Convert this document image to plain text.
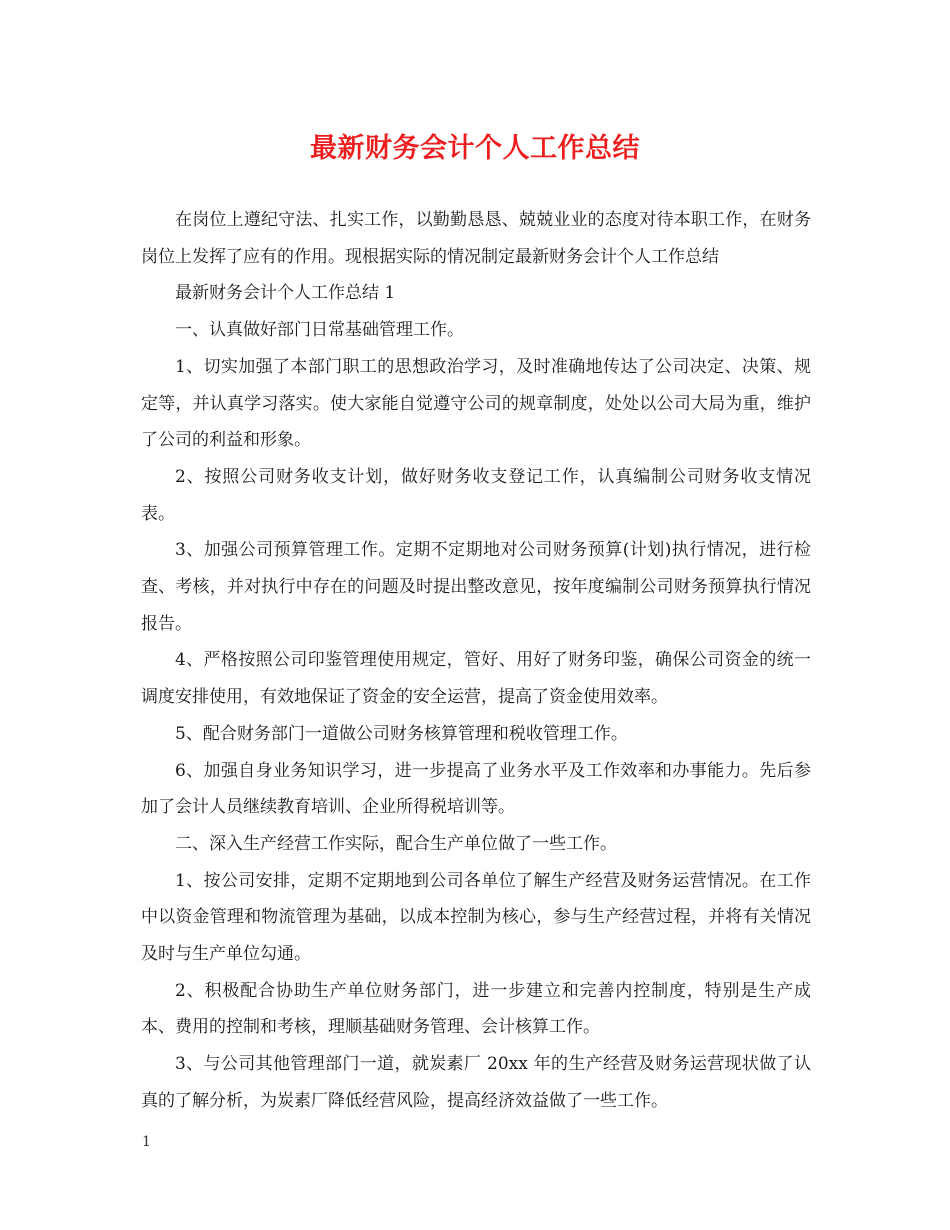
最新财务会计个人工作总结

在岗位上遵纪守法、扎实工作，以勤勤恳恳、兢兢业业的态度对待本职工作，在财务岗位上发挥了应有的作用。现根据实际的情况制定最新财务会计个人工作总结

最新财务会计个人工作总结 1

一、认真做好部门日常基础管理工作。

1、切实加强了本部门职工的思想政治学习，及时准确地传达了公司决定、决策、规定等，并认真学习落实。使大家能自觉遵守公司的规章制度，处处以公司大局为重，维护了公司的利益和形象。

2、按照公司财务收支计划，做好财务收支登记工作，认真编制公司财务收支情况表。

3、加强公司预算管理工作。定期不定期地对公司财务预算(计划)执行情况，进行检查、考核，并对执行中存在的问题及时提出整改意见，按年度编制公司财务预算执行情况报告。

4、严格按照公司印鉴管理使用规定，管好、用好了财务印鉴，确保公司资金的统一调度安排使用，有效地保证了资金的安全运营，提高了资金使用效率。

5、配合财务部门一道做公司财务核算管理和税收管理工作。

6、加强自身业务知识学习，进一步提高了业务水平及工作效率和办事能力。先后参加了会计人员继续教育培训、企业所得税培训等。

二、深入生产经营工作实际，配合生产单位做了一些工作。

1、按公司安排，定期不定期地到公司各单位了解生产经营及财务运营情况。在工作中以资金管理和物流管理为基础，以成本控制为核心，参与生产经营过程，并将有关情况及时与生产单位勾通。

2、积极配合协助生产单位财务部门，进一步建立和完善内控制度，特别是生产成本、费用的控制和考核，理顺基础财务管理、会计核算工作。

3、与公司其他管理部门一道，就炭素厂 20xx 年的生产经营及财务运营现状做了认真的了解分析，为炭素厂降低经营风险，提高经济效益做了一些工作。

1
